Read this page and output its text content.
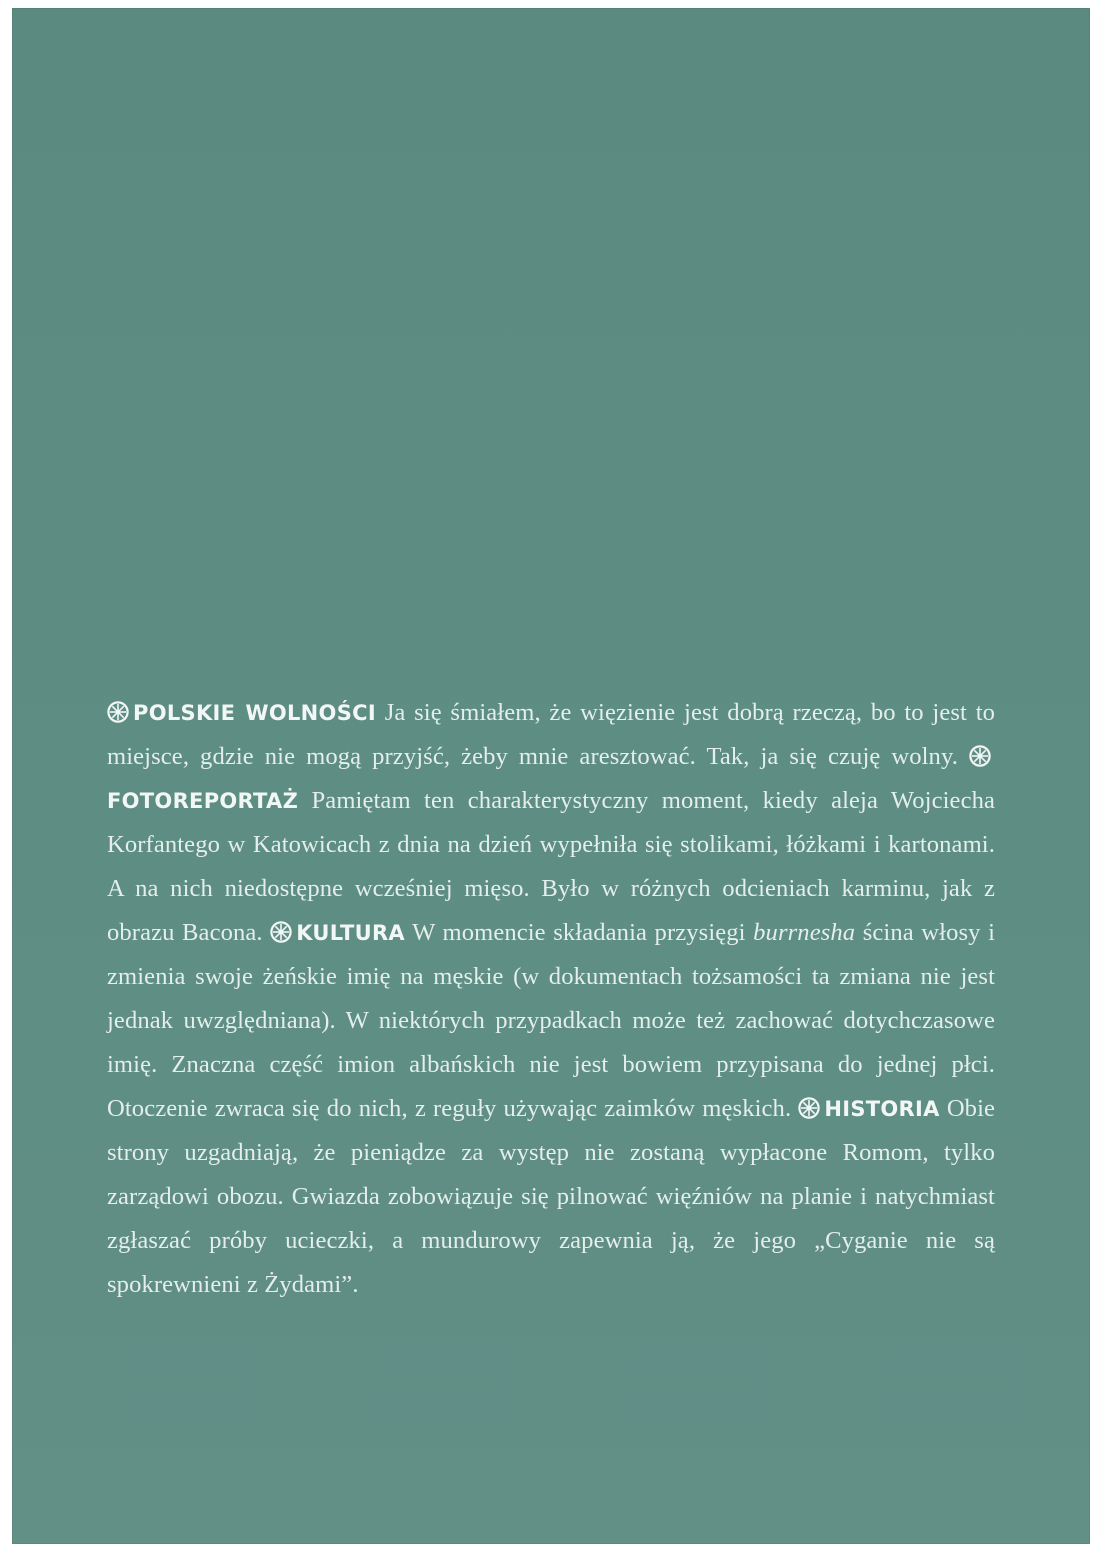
POLSKIE WOLNOŚCI Ja się śmiałem, że więzienie jest dobrą rzeczą, bo to jest to miejsce, gdzie nie mogą przyjść, żeby mnie aresztować. Tak, ja się czuję wolny. FOTOREPORTAŻ Pamiętam ten charakterystyczny moment, kiedy aleja Wojciecha Korfantego w Katowicach z dnia na dzień wypełniła się stolikami, łóżkami i kartonami. A na nich niedostępne wcześniej mięso. Było w różnych odcieniach karminu, jak z obrazu Bacona. KULTURA W momencie składania przysięgi burrnesha ścina włosy i zmienia swoje żeńskie imię na męskie (w dokumentach tożsamości ta zmiana nie jest jednak uwzględniana). W niektórych przypadkach może też zachować dotychczasowe imię. Znaczna część imion albańskich nie jest bowiem przypisana do jednej płci. Otoczenie zwraca się do nich, z reguły używając zaimków męskich. HISTORIA Obie strony uzgadniają, że pieniądze za występ nie zostaną wypłacone Romom, tylko zarządowi obozu. Gwiazda zobowiązuje się pilnować więźniów na planie i natychmiast zgłaszać próby ucieczki, a mundurowy zapewnia ją, że jego „Cyganie nie są spokrewnieni z Żydami”.
